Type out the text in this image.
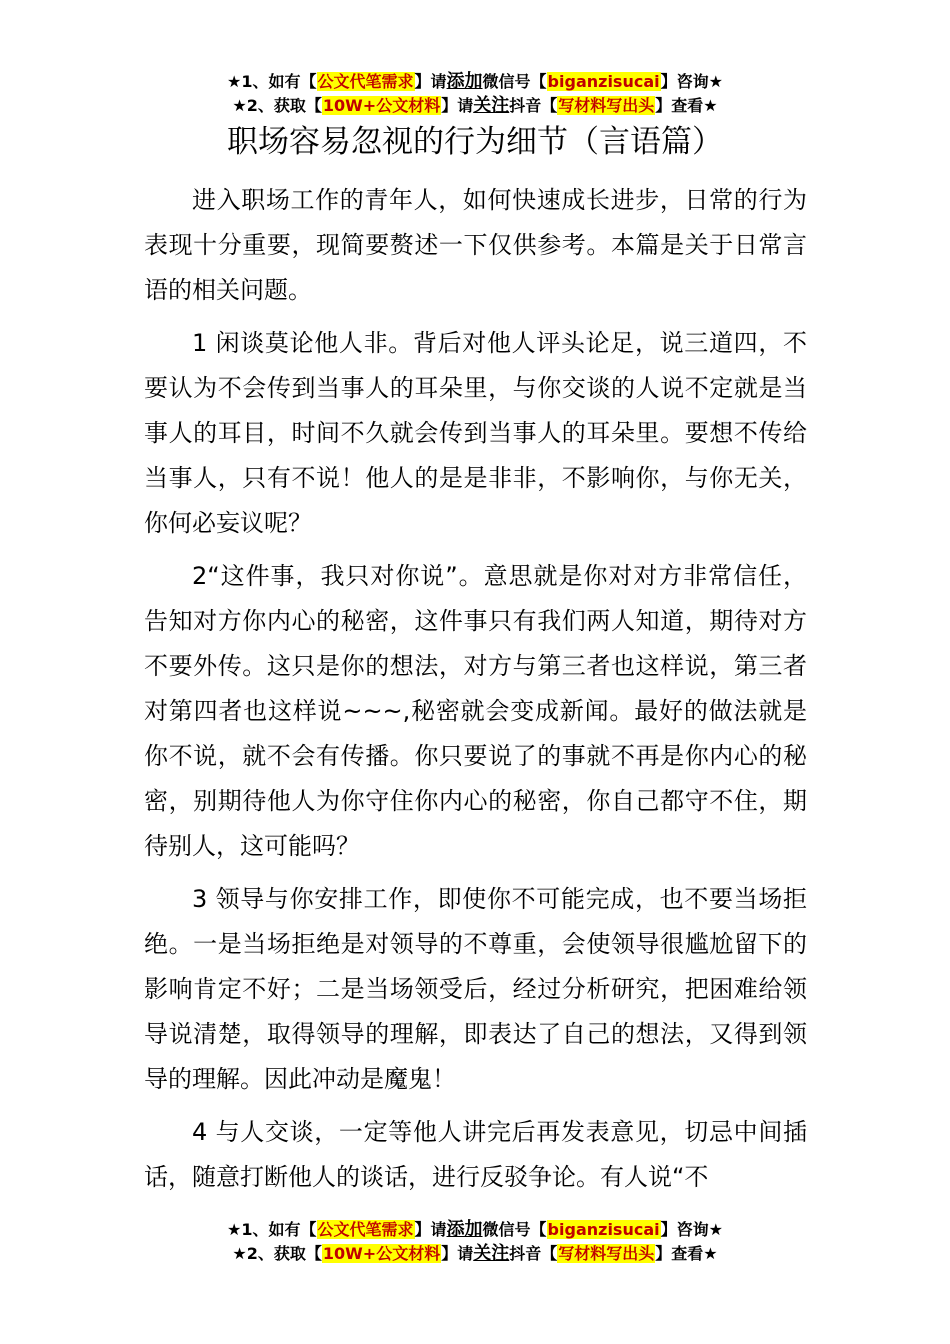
★1、如有【公文代笔需求】请添加微信号【biganzisucai】咨询★
★2、获取【10W+公文材料】请关注抖音【写材料写出头】查看★
职场容易忽视的行为细节（言语篇）

进入职场工作的青年人，如何快速成长进步，日常的行为表现十分重要，现简要赘述一下仅供参考。本篇是关于日常言语的相关问题。

1 闲谈莫论他人非。背后对他人评头论足，说三道四，不要认为不会传到当事人的耳朵里，与你交谈的人说不定就是当事人的耳目，时间不久就会传到当事人的耳朵里。要想不传给当事人，只有不说！他人的是是非非，不影响你，与你无关，你何必妄议呢？

2“这件事，我只对你说”。意思就是你对对方非常信任，告知对方你内心的秘密，这件事只有我们两人知道，期待对方不要外传。这只是你的想法，对方与第三者也这样说，第三者对第四者也这样说~~~,秘密就会变成新闻。最好的做法就是你不说，就不会有传播。你只要说了的事就不再是你内心的秘密，别期待他人为你守住你内心的秘密，你自己都守不住，期待别人，这可能吗？

3 领导与你安排工作，即使你不可能完成，也不要当场拒绝。一是当场拒绝是对领导的不尊重，会使领导很尴尬留下的影响肯定不好；二是当场领受后，经过分析研究，把困难给领导说清楚，取得领导的理解，即表达了自己的想法，又得到领导的理解。因此冲动是魔鬼！

4 与人交谈，一定等他人讲完后再发表意见，切忌中间插话，随意打断他人的谈话，进行反驳争论。有人说“不

★1、如有【公文代笔需求】请添加微信号【biganzisucai】咨询★
★2、获取【10W+公文材料】请关注抖音【写材料写出头】查看★
